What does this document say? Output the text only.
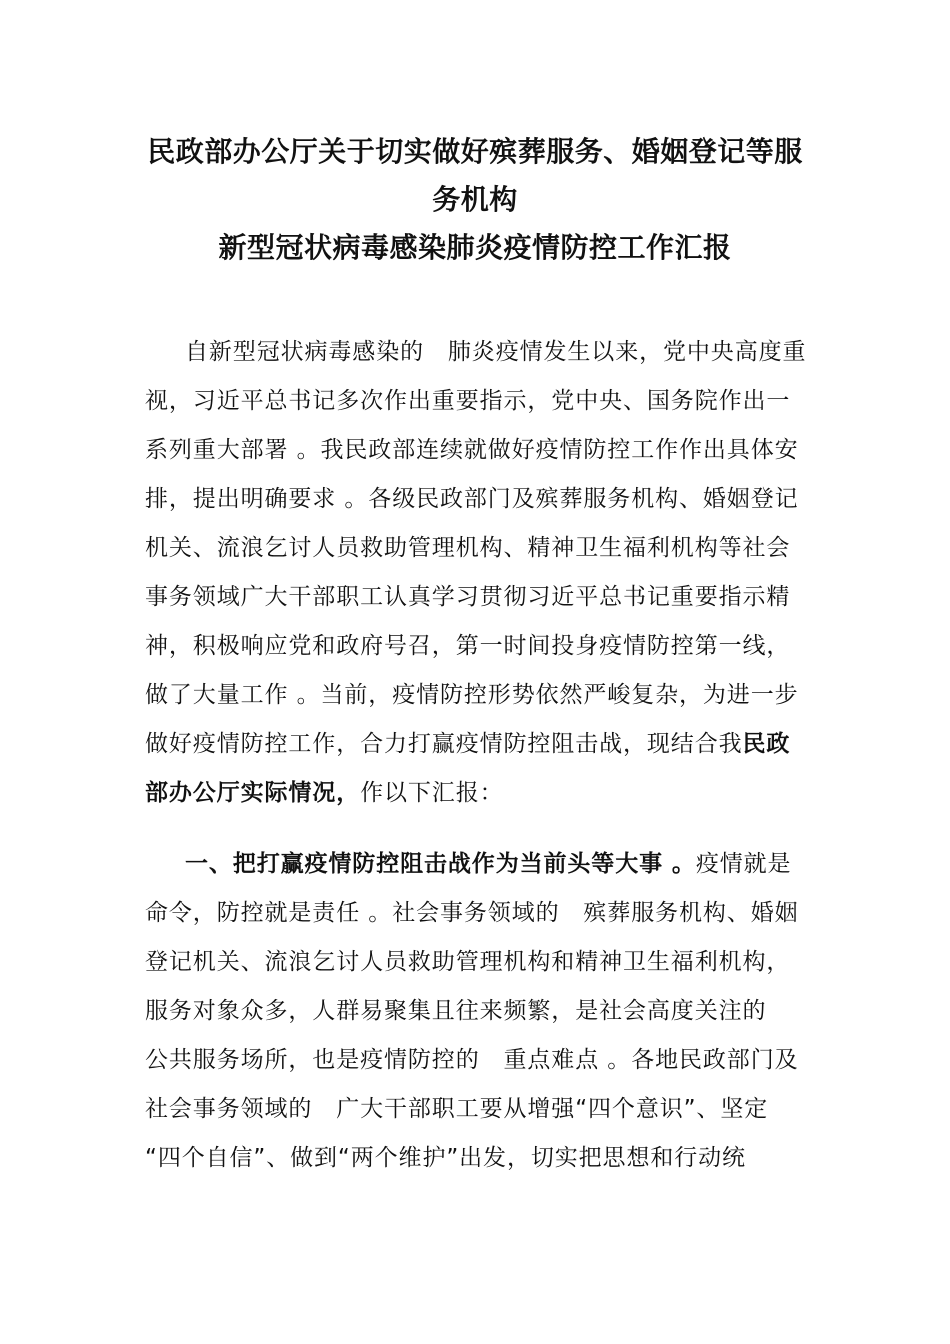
民政部办公厅关于切实做好殡葬服务、婚姻登记等服
务机构
新型冠状病毒感染肺炎疫情防控工作汇报
自新型冠状病毒感染的　肺炎疫情发生以来，党中央高度重
视，习近平总书记多次作出重要指示，党中央、国务院作出一
系列重大部署 。我民政部连续就做好疫情防控工作作出具体安
排，提出明确要求 。各级民政部门及殡葬服务机构、婚姻登记
机关、流浪乞讨人员救助管理机构、精神卫生福利机构等社会
事务领域广大干部职工认真学习贯彻习近平总书记重要指示精
神，积极响应党和政府号召，第一时间投身疫情防控第一线，
做了大量工作 。当前，疫情防控形势依然严峻复杂，为进一步
做好疫情防控工作，合力打赢疫情防控阻击战，现结合我民政
部办公厅实际情况，作以下汇报：
一、把打赢疫情防控阻击战作为当前头等大事 。疫情就是
命令，防控就是责任 。社会事务领域的　殡葬服务机构、婚姻
登记机关、流浪乞讨人员救助管理机构和精神卫生福利机构，
服务对象众多，人群易聚集且往来频繁，是社会高度关注的
公共服务场所，也是疫情防控的　重点难点 。各地民政部门及
社会事务领域的　广大干部职工要从增强“四个意识”、坚定
“四个自信”、做到“两个维护”出发，切实把思想和行动统
